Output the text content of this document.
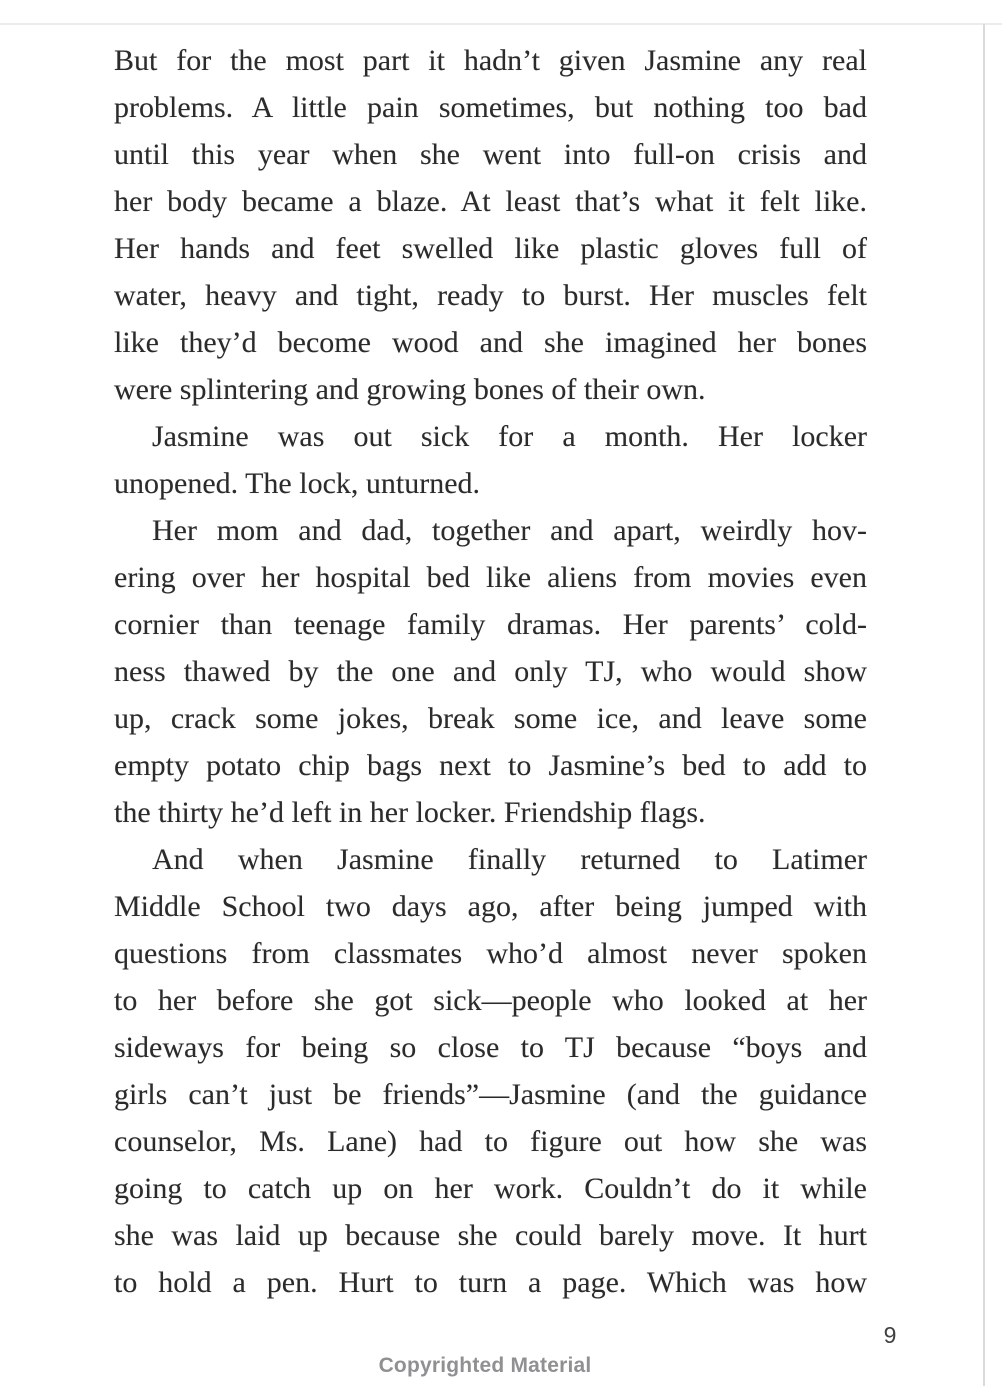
But for the most part it hadn’t given Jasmine any real
problems. A little pain sometimes, but nothing too bad
until this year when she went into full-on crisis and
her body became a blaze. At least that’s what it felt like.
Her hands and feet swelled like plastic gloves full of
water, heavy and tight, ready to burst. Her muscles felt
like they’d become wood and she imagined her bones
were splintering and growing bones of their own.
Jasmine was out sick for a month. Her locker
unopened. The lock, unturned.
Her mom and dad, together and apart, weirdly hov-
ering over her hospital bed like aliens from movies even
cornier than teenage family dramas. Her parents’ cold-
ness thawed by the one and only TJ, who would show
up, crack some jokes, break some ice, and leave some
empty potato chip bags next to Jasmine’s bed to add to
the thirty he’d left in her locker. Friendship flags.
And when Jasmine finally returned to Latimer
Middle School two days ago, after being jumped with
questions from classmates who’d almost never spoken
to her before she got sick—people who looked at her
sideways for being so close to TJ because “boys and
girls can’t just be friends”—Jasmine (and the guidance
counselor, Ms. Lane) had to figure out how she was
going to catch up on her work. Couldn’t do it while
she was laid up because she could barely move. It hurt
to hold a pen. Hurt to turn a page. Which was how
9
Copyrighted Material
